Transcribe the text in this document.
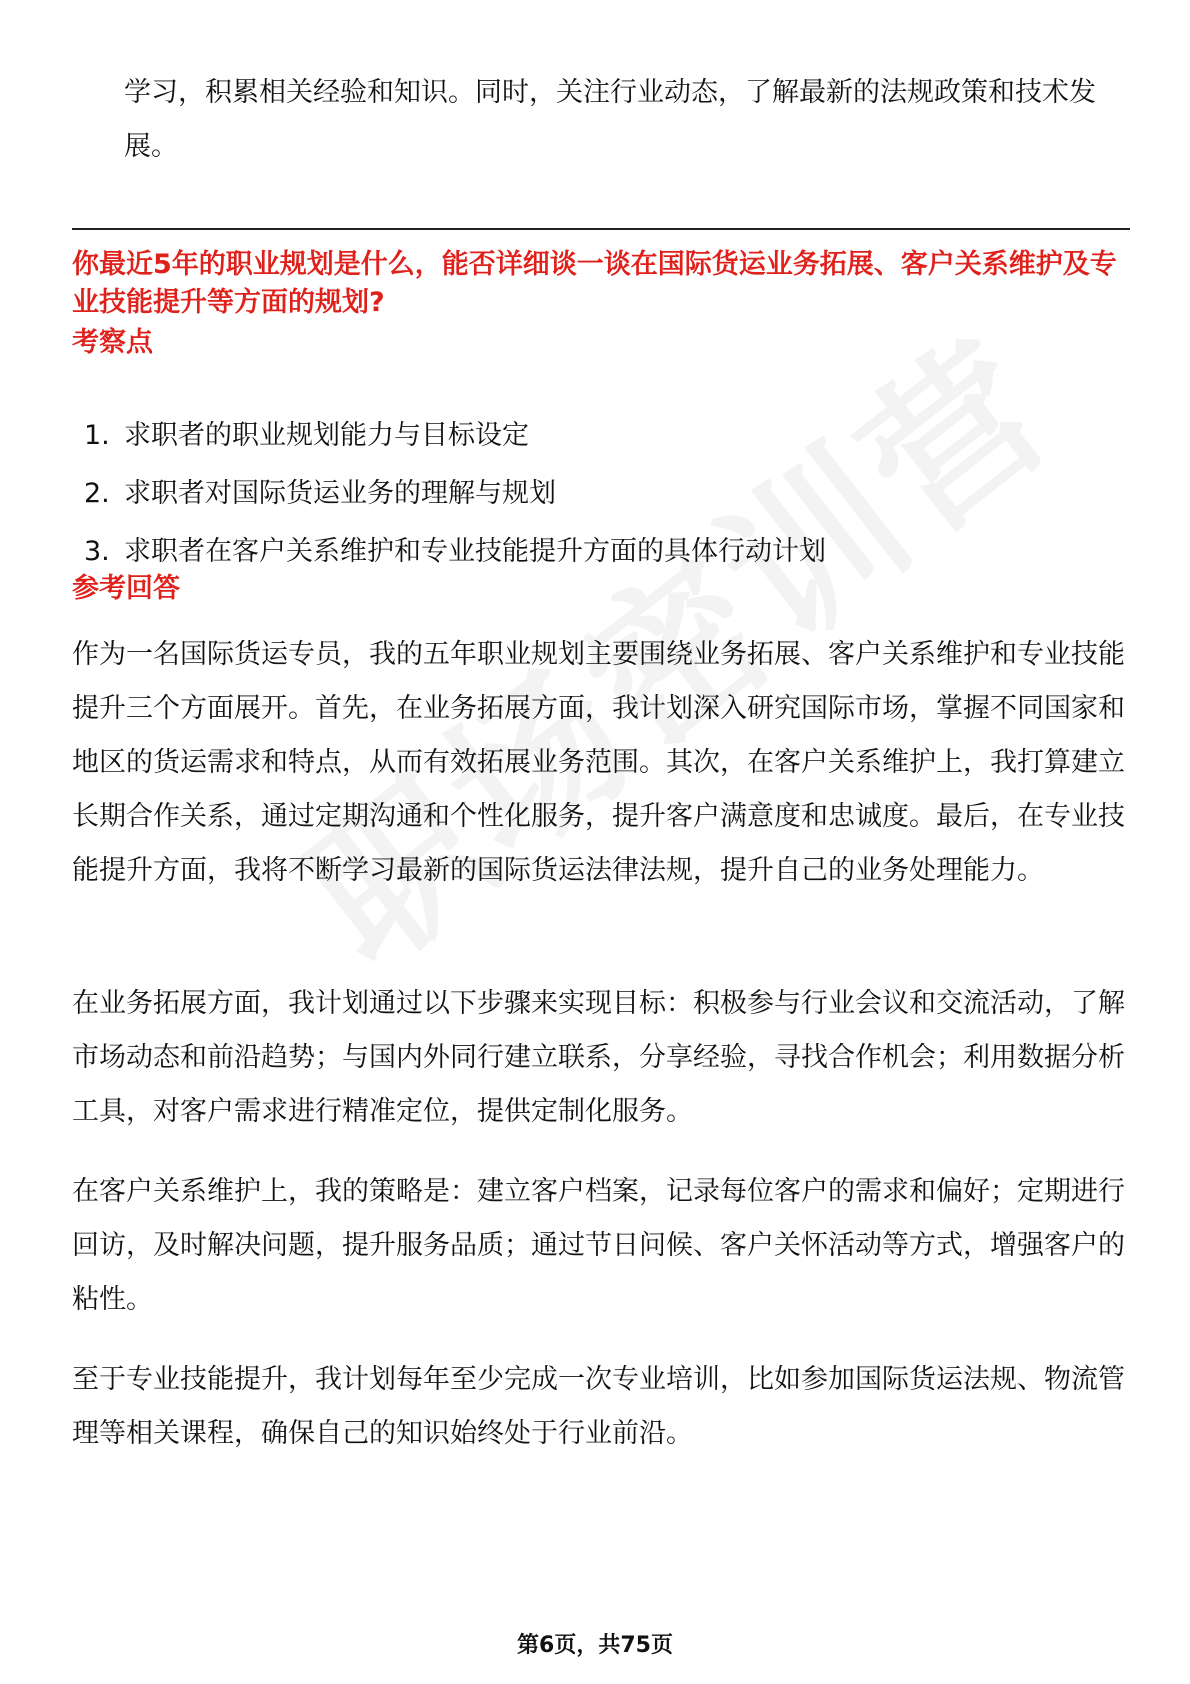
学习，积累相关经验和知识。同时，关注行业动态，了解最新的法规政策和技术发展。
你最近5年的职业规划是什么，能否详细谈一谈在国际货运业务拓展、客户关系维护及专业技能提升等方面的规划?
考察点
1. 求职者的职业规划能力与目标设定
2. 求职者对国际货运业务的理解与规划
3. 求职者在客户关系维护和专业技能提升方面的具体行动计划
参考回答

作为一名国际货运专员，我的五年职业规划主要围绕业务拓展、客户关系维护和专业技能提升三个方面展开。首先，在业务拓展方面，我计划深入研究国际市场，掌握不同国家和地区的货运需求和特点，从而有效拓展业务范围。其次，在客户关系维护上，我打算建立长期合作关系，通过定期沟通和个性化服务，提升客户满意度和忠诚度。最后，在专业技能提升方面，我将不断学习最新的国际货运法律法规，提升自己的业务处理能力。

在业务拓展方面，我计划通过以下步骤来实现目标：积极参与行业会议和交流活动，了解市场动态和前沿趋势；与国内外同行建立联系，分享经验，寻找合作机会；利用数据分析工具，对客户需求进行精准定位，提供定制化服务。

在客户关系维护上，我的策略是：建立客户档案，记录每位客户的需求和偏好；定期进行回访，及时解决问题，提升服务品质；通过节日问候、客户关怀活动等方式，增强客户的粘性。

至于专业技能提升，我计划每年至少完成一次专业培训，比如参加国际货运法规、物流管理等相关课程，确保自己的知识始终处于行业前沿。

第6页，共75页
